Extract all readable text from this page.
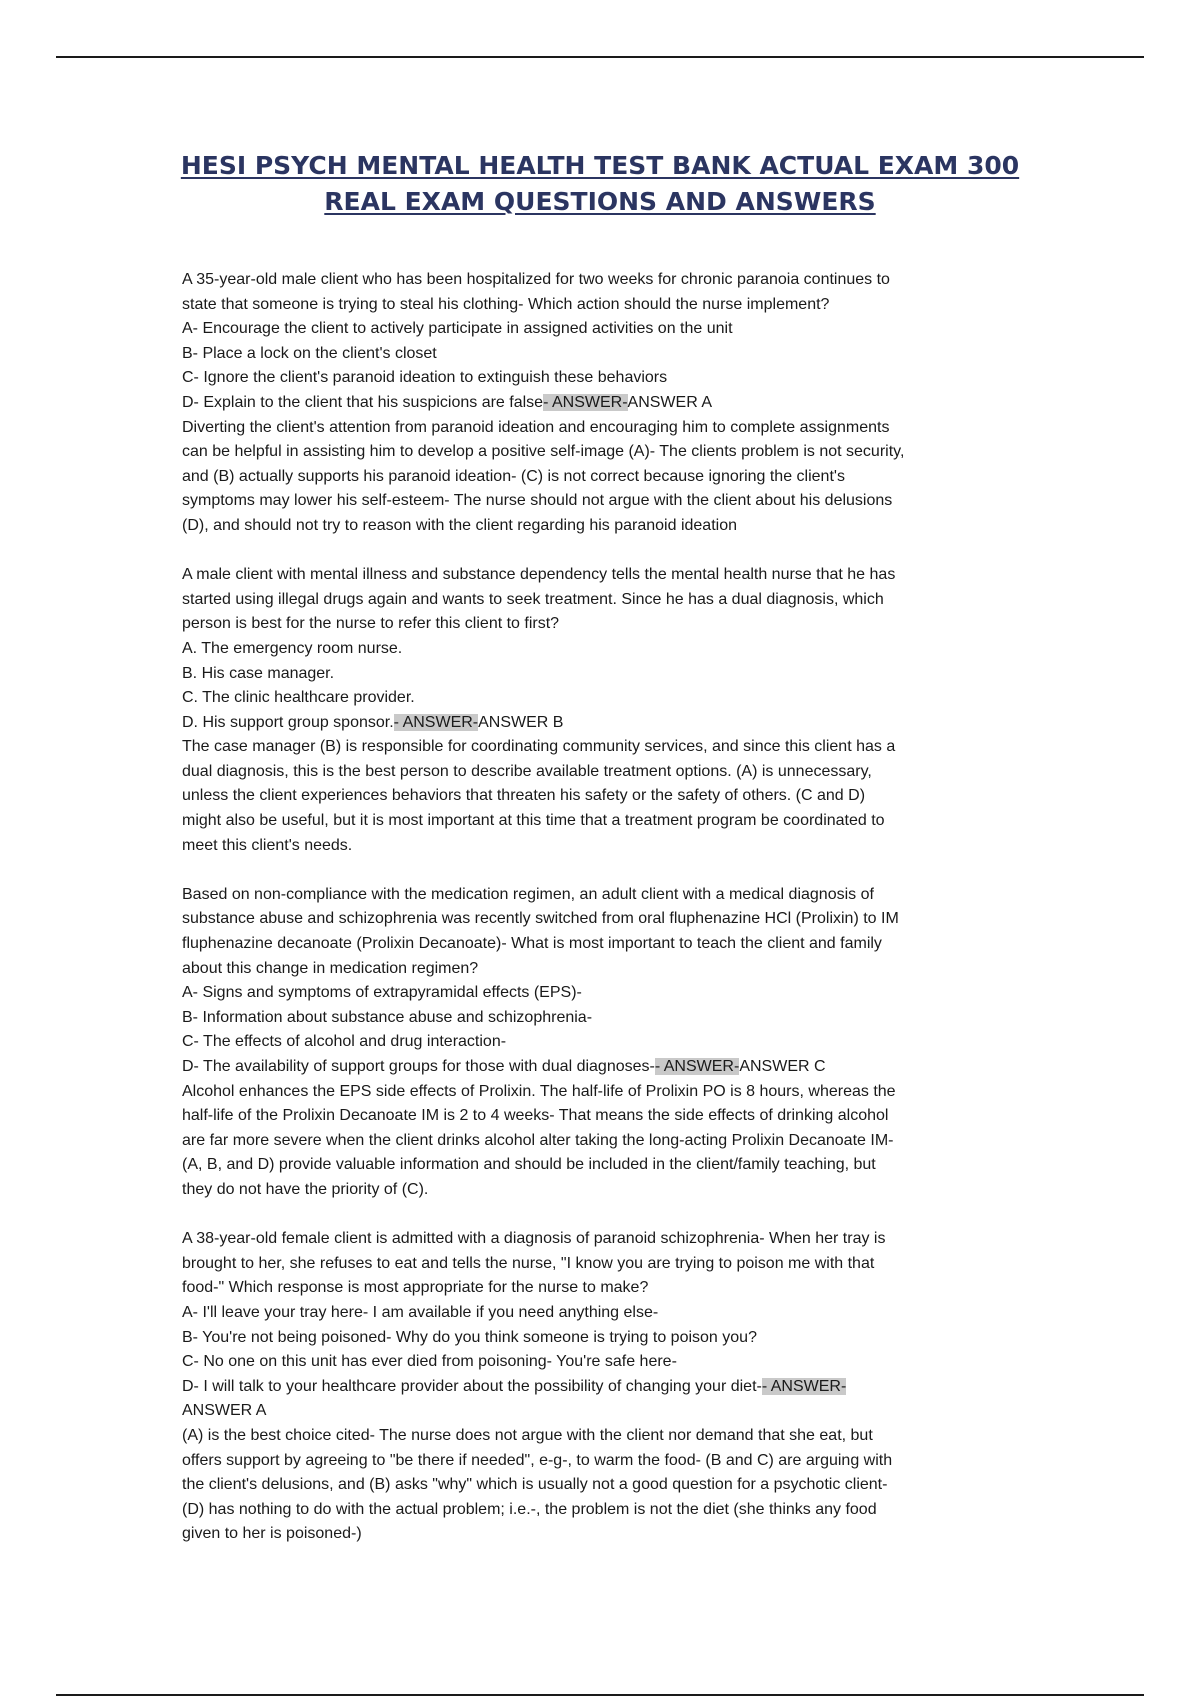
HESI PSYCH MENTAL HEALTH TEST BANK ACTUAL EXAM 300
REAL EXAM QUESTIONS AND ANSWERS
A 35-year-old male client who has been hospitalized for two weeks for chronic paranoia continues to
state that someone is trying to steal his clothing- Which action should the nurse implement?
A- Encourage the client to actively participate in assigned activities on the unit
B- Place a lock on the client's closet
C- Ignore the client's paranoid ideation to extinguish these behaviors
D- Explain to the client that his suspicions are false- ANSWER-ANSWER A
Diverting the client's attention from paranoid ideation and encouraging him to complete assignments
can be helpful in assisting him to develop a positive self-image (A)- The clients problem is not security,
and (B) actually supports his paranoid ideation- (C) is not correct because ignoring the client's
symptoms may lower his self-esteem- The nurse should not argue with the client about his delusions
(D), and should not try to reason with the client regarding his paranoid ideation
A male client with mental illness and substance dependency tells the mental health nurse that he has
started using illegal drugs again and wants to seek treatment. Since he has a dual diagnosis, which
person is best for the nurse to refer this client to first?
A. The emergency room nurse.
B. His case manager.
C. The clinic healthcare provider.
D. His support group sponsor.- ANSWER-ANSWER B
The case manager (B) is responsible for coordinating community services, and since this client has a
dual diagnosis, this is the best person to describe available treatment options. (A) is unnecessary,
unless the client experiences behaviors that threaten his safety or the safety of others. (C and D)
might also be useful, but it is most important at this time that a treatment program be coordinated to
meet this client's needs.
Based on non-compliance with the medication regimen, an adult client with a medical diagnosis of
substance abuse and schizophrenia was recently switched from oral fluphenazine HCl (Prolixin) to IM
fluphenazine decanoate (Prolixin Decanoate)- What is most important to teach the client and family
about this change in medication regimen?
A- Signs and symptoms of extrapyramidal effects (EPS)-
B- Information about substance abuse and schizophrenia-
C- The effects of alcohol and drug interaction-
D- The availability of support groups for those with dual diagnoses-- ANSWER-ANSWER C
Alcohol enhances the EPS side effects of Prolixin. The half-life of Prolixin PO is 8 hours, whereas the
half-life of the Prolixin Decanoate IM is 2 to 4 weeks- That means the side effects of drinking alcohol
are far more severe when the client drinks alcohol alter taking the long-acting Prolixin Decanoate IM-
(A, B, and D) provide valuable information and should be included in the client/family teaching, but
they do not have the priority of (C).
A 38-year-old female client is admitted with a diagnosis of paranoid schizophrenia- When her tray is
brought to her, she refuses to eat and tells the nurse, "I know you are trying to poison me with that
food-" Which response is most appropriate for the nurse to make?
A- I'll leave your tray here- I am available if you need anything else-
B- You're not being poisoned- Why do you think someone is trying to poison you?
C- No one on this unit has ever died from poisoning- You're safe here-
D- I will talk to your healthcare provider about the possibility of changing your diet-- ANSWER-
ANSWER A
(A) is the best choice cited- The nurse does not argue with the client nor demand that she eat, but
offers support by agreeing to "be there if needed", e-g-, to warm the food- (B and C) are arguing with
the client's delusions, and (B) asks "why" which is usually not a good question for a psychotic client-
(D) has nothing to do with the actual problem; i.e.-, the problem is not the diet (she thinks any food
given to her is poisoned-)
